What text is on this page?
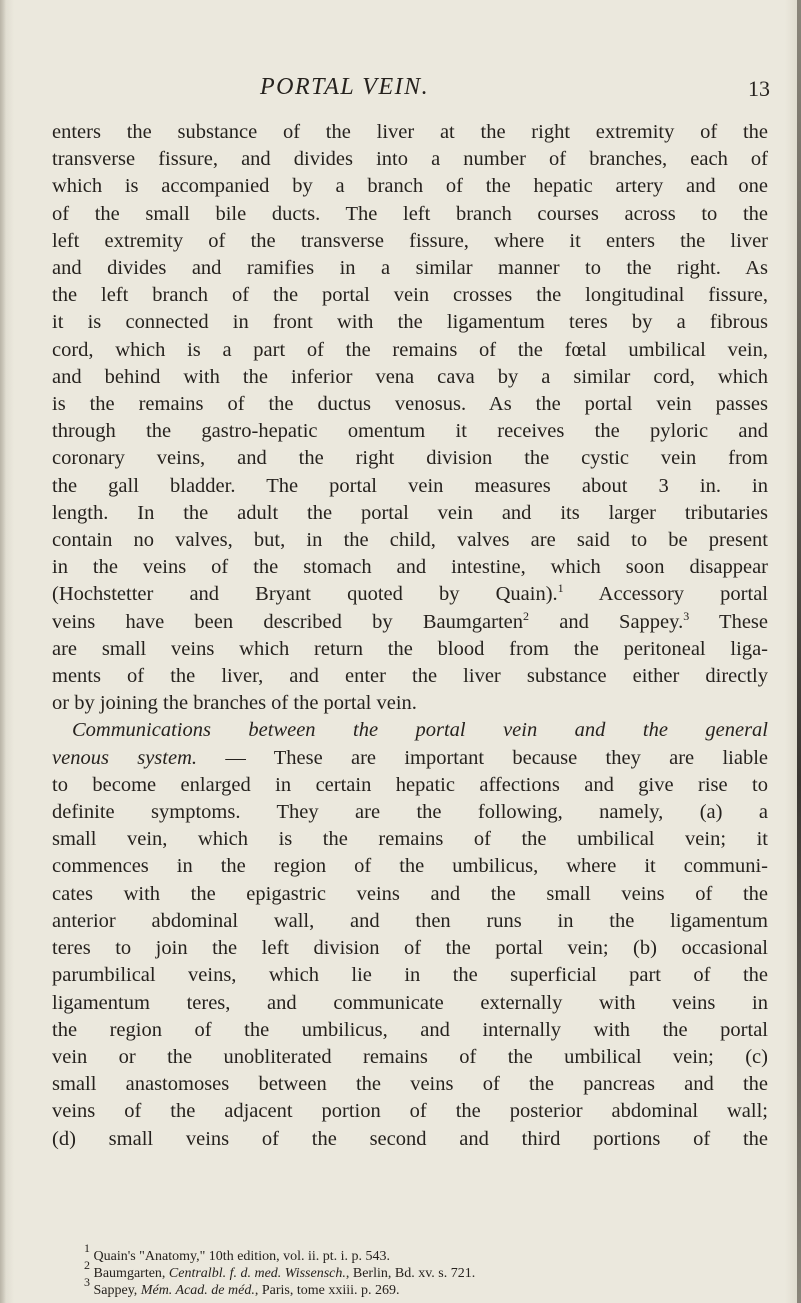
PORTAL VEIN.	13
enters the substance of the liver at the right extremity of the
transverse fissure, and divides into a number of branches, each of
which is accompanied by a branch of the hepatic artery and one
of the small bile ducts. The left branch courses across to the
left extremity of the transverse fissure, where it enters the liver
and divides and ramifies in a similar manner to the right. As
the left branch of the portal vein crosses the longitudinal fissure,
it is connected in front with the ligamentum teres by a fibrous
cord, which is a part of the remains of the fœtal umbilical vein,
and behind with the inferior vena cava by a similar cord, which
is the remains of the ductus venosus. As the portal vein passes
through the gastro-hepatic omentum it receives the pyloric and
coronary veins, and the right division the cystic vein from
the gall bladder. The portal vein measures about 3 in. in
length. In the adult the portal vein and its larger tributaries
contain no valves, but, in the child, valves are said to be present
in the veins of the stomach and intestine, which soon disappear
(Hochstetter and Bryant quoted by Quain).$^1$ Accessory portal
veins have been described by Baumgarten$^2$ and Sappey.$^3$ These
are small veins which return the blood from the peritoneal liga-
ments of the liver, and enter the liver substance either directly
or by joining the branches of the portal vein.
Communications between the portal vein and the general
venous system. — These are important because they are liable
to become enlarged in certain hepatic affections and give rise to
definite symptoms. They are the following, namely, (a) a
small vein, which is the remains of the umbilical vein; it
commences in the region of the umbilicus, where it communi-
cates with the epigastric veins and the small veins of the
anterior abdominal wall, and then runs in the ligamentum
teres to join the left division of the portal vein; (b) occasional
parumbilical veins, which lie in the superficial part of the
ligamentum teres, and communicate externally with veins in
the region of the umbilicus, and internally with the portal
vein or the unobliterated remains of the umbilical vein; (c)
small anastomoses between the veins of the pancreas and the
veins of the adjacent portion of the posterior abdominal wall;
(d) small veins of the second and third portions of the
$^1$ Quain's "Anatomy," 10th edition, vol. ii. pt. i. p. 543.
$^2$ Baumgarten, Centralbl. f. d. med. Wissensch., Berlin, Bd. xv. s. 721.
$^3$ Sappey, Mém. Acad. de méd., Paris, tome xxiii. p. 269.
